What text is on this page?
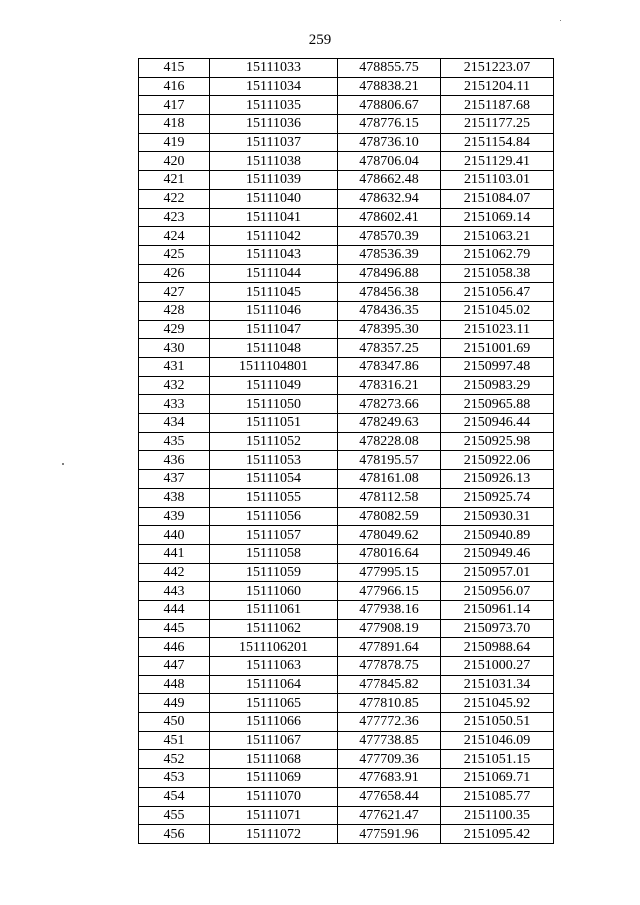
259
415	15111033	478855.75	2151223.07
416	15111034	478838.21	2151204.11
417	15111035	478806.67	2151187.68
418	15111036	478776.15	2151177.25
419	15111037	478736.10	2151154.84
420	15111038	478706.04	2151129.41
421	15111039	478662.48	2151103.01
422	15111040	478632.94	2151084.07
423	15111041	478602.41	2151069.14
424	15111042	478570.39	2151063.21
425	15111043	478536.39	2151062.79
426	15111044	478496.88	2151058.38
427	15111045	478456.38	2151056.47
428	15111046	478436.35	2151045.02
429	15111047	478395.30	2151023.11
430	15111048	478357.25	2151001.69
431	1511104801	478347.86	2150997.48
432	15111049	478316.21	2150983.29
433	15111050	478273.66	2150965.88
434	15111051	478249.63	2150946.44
435	15111052	478228.08	2150925.98
436	15111053	478195.57	2150922.06
437	15111054	478161.08	2150926.13
438	15111055	478112.58	2150925.74
439	15111056	478082.59	2150930.31
440	15111057	478049.62	2150940.89
441	15111058	478016.64	2150949.46
442	15111059	477995.15	2150957.01
443	15111060	477966.15	2150956.07
444	15111061	477938.16	2150961.14
445	15111062	477908.19	2150973.70
446	1511106201	477891.64	2150988.64
447	15111063	477878.75	2151000.27
448	15111064	477845.82	2151031.34
449	15111065	477810.85	2151045.92
450	15111066	477772.36	2151050.51
451	15111067	477738.85	2151046.09
452	15111068	477709.36	2151051.15
453	15111069	477683.91	2151069.71
454	15111070	477658.44	2151085.77
455	15111071	477621.47	2151100.35
456	15111072	477591.96	2151095.42
